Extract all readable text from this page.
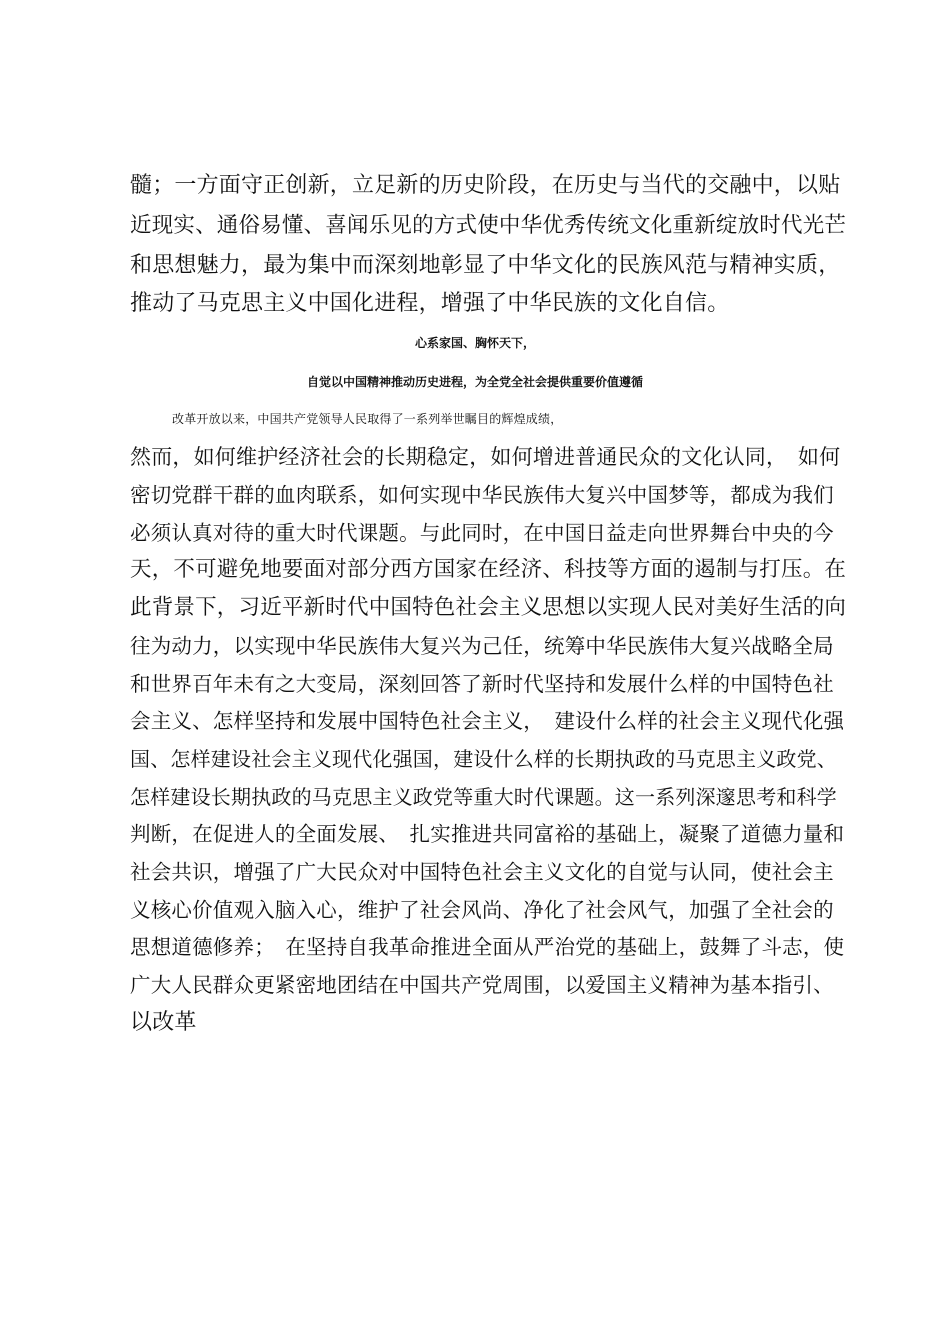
髓；一方面守正创新，立足新的历史阶段，在历史与当代的交融中，以贴
近现实、通俗易懂、喜闻乐见的方式使中华优秀传统文化重新绽放时代光芒
和思想魅力，最为集中而深刻地彰显了中华文化的民族风范与精神实质，
推动了马克思主义中国化进程，增强了中华民族的文化自信。
心系家国、胸怀天下，
自觉以中国精神推动历史进程，为全党全社会提供重要价值遵循
改革开放以来，中国共产党领导人民取得了一系列举世瞩目的辉煌成绩，
然而，如何维护经济社会的长期稳定，如何增进普通民众的文化认同，　如何
密切党群干群的血肉联系，如何实现中华民族伟大复兴中国梦等，都成为我们
必须认真对待的重大时代课题。与此同时，在中国日益走向世界舞台中央的今
天，不可避免地要面对部分西方国家在经济、科技等方面的遏制与打压。在
此背景下，习近平新时代中国特色社会主义思想以实现人民对美好生活的向
往为动力，以实现中华民族伟大复兴为己任，统筹中华民族伟大复兴战略全局
和世界百年未有之大变局，深刻回答了新时代坚持和发展什么样的中国特色社
会主义、怎样坚持和发展中国特色社会主义，　建设什么样的社会主义现代化强
国、怎样建设社会主义现代化强国，建设什么样的长期执政的马克思主义政党、
怎样建设长期执政的马克思主义政党等重大时代课题。这一系列深邃思考和科学
判断，在促进人的全面发展、　扎实推进共同富裕的基础上，凝聚了道德力量和
社会共识，增强了广大民众对中国特色社会主义文化的自觉与认同，使社会主
义核心价值观入脑入心，维护了社会风尚、净化了社会风气，加强了全社会的
思想道德修养；　在坚持自我革命推进全面从严治党的基础上，鼓舞了斗志，使
广大人民群众更紧密地团结在中国共产党周围，以爱国主义精神为基本指引、
以改革
